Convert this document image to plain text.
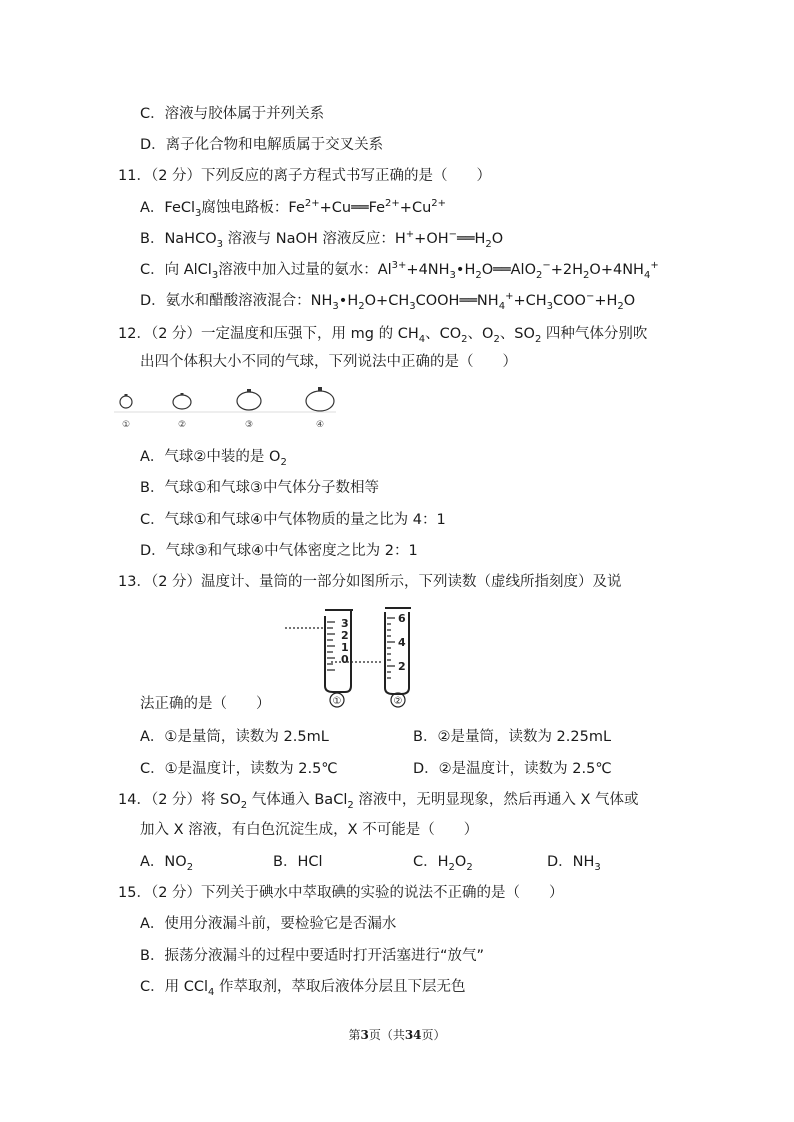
C．溶液与胶体属于并列关系
D．离子化合物和电解质属于交叉关系
11．（2 分）下列反应的离子方程式书写正确的是（　　）
A．FeCl$_3$腐蚀电路板：$Fe^{2+}+Cu══Fe^{2+}+Cu^{2+}$
B．NaHCO$_3$ 溶液与 NaOH 溶液反应：$H^++OH^-══H_2O$
C．向 AlCl$_3$溶液中加入过量的氨水：$Al^{3+}+4NH_3•H_2O══AlO_2^-+2H_2O+4NH_4^+$
D．氨水和醋酸溶液混合：$NH_3•H_2O+CH_3COOH══NH_4^++CH_3COO^-+H_2O$
12．（2 分）一定温度和压强下，用 mg 的 $CH_4$、$CO_2$、$O_2$、$SO_2$ 四种气体分别吹
出四个体积大小不同的气球，下列说法中正确的是（　　）
①	②	③	④
A．气球②中装的是 $O_2$
B．气球①和气球③中气体分子数相等
C．气球①和气球④中气体物质的量之比为 4：1
D．气球③和气球④中气体密度之比为 2：1
13．（2 分）温度计、量筒的一部分如图所示，下列读数（虚线所指刻度）及说
3
2
1
0
①
6
4
2
②
法正确的是（　　）
A．①是量筒，读数为 2.5mL	B．②是量筒，读数为 2.25mL
C．①是温度计，读数为 2.5℃	D．②是温度计，读数为 2.5℃
14．（2 分）将 $SO_2$ 气体通入 BaCl$_2$ 溶液中，无明显现象，然后再通入 X 气体或
加入 X 溶液，有白色沉淀生成，X 不可能是（　　）
A．$NO_2$	B．HCl	C．$H_2O_2$	D．$NH_3$
15．（2 分）下列关于碘水中萃取碘的实验的说法不正确的是（　　）
A．使用分液漏斗前，要检验它是否漏水
B．振荡分液漏斗的过程中要适时打开活塞进行“放气”
C．用 CCl$_4$ 作萃取剂，萃取后液体分层且下层无色
第3页（共34页）
